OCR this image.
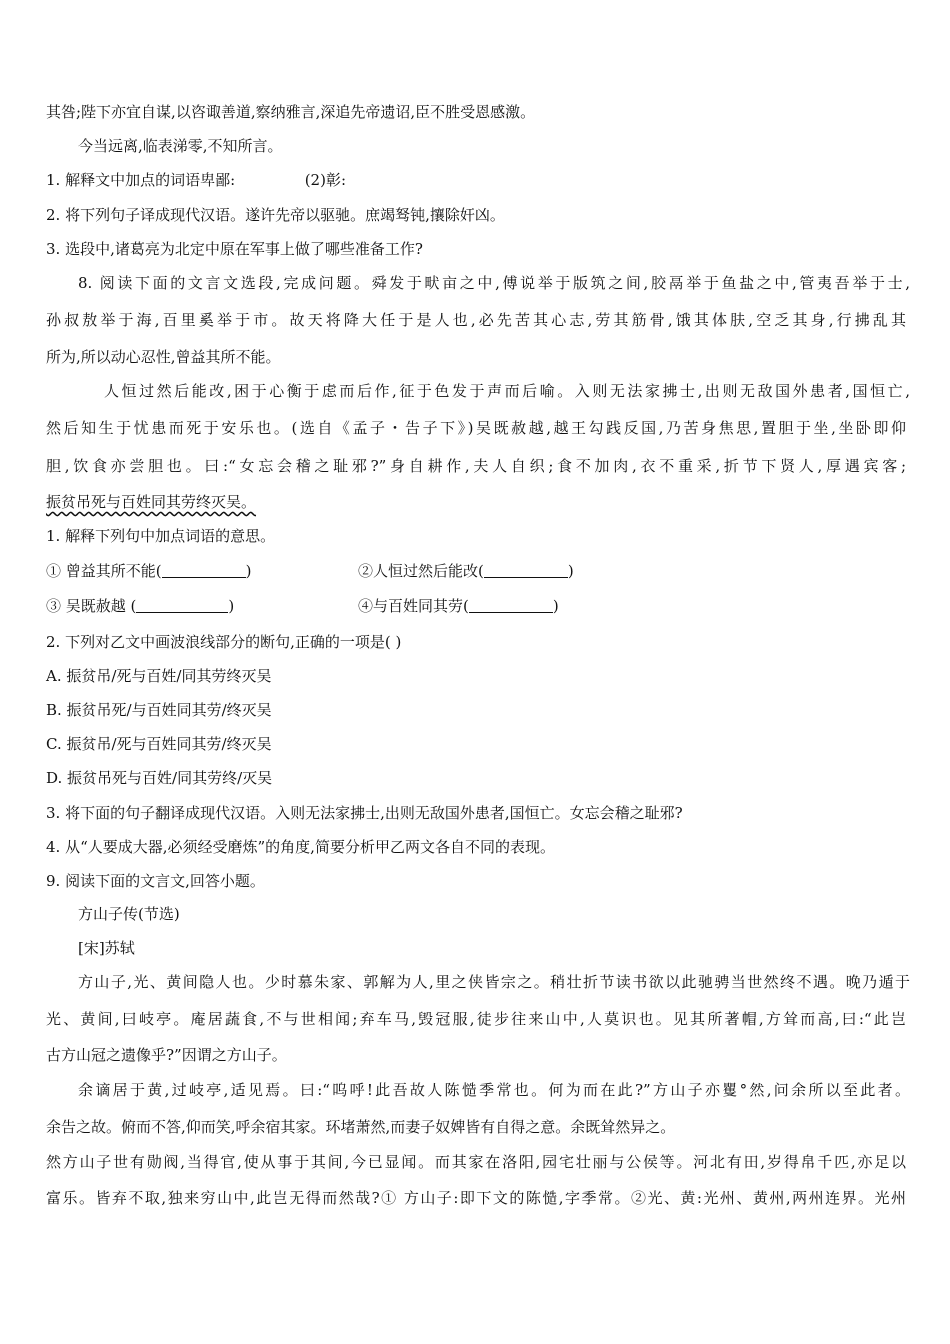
其咎;陛下亦宜自谋,以咨诹善道,察纳雅言,深追先帝遗诏,臣不胜受恩感激。
今当远离,临表涕零,不知所言。
1. 解释文中加点的词语卑鄙:	(2)彰:
2. 将下列句子译成现代汉语。遂许先帝以驱驰。庶竭驽钝,攘除奸凶。
3. 选段中,诸葛亮为北定中原在军事上做了哪些准备工作?
8. 阅读下面的文言文选段,完成问题。舜发于畎亩之中,傅说举于版筑之间,胶鬲举于鱼盐之中,管夷吾举于士,
孙叔敖举于海,百里奚举于市。故天将降大任于是人也,必先苦其心志,劳其筋骨,饿其体肤,空乏其身,行拂乱其
所为,所以动心忍性,曾益其所不能。
人恒过然后能改,困于心衡于虑而后作,征于色发于声而后喻。入则无法家拂士,出则无敌国外患者,国恒亡,
然后知生于忧患而死于安乐也。(选自《孟子・告子下》)吴既赦越,越王勾践反国,乃苦身焦思,置胆于坐,坐卧即仰
胆,饮食亦尝胆也。曰:“女忘会稽之耻邪?”身自耕作,夫人自织;食不加肉,衣不重采,折节下贤人,厚遇宾客;
振贫吊死与百姓同其劳终灭吴。
1. 解释下列句中加点词语的意思。
① 曾益其所不能(	)	②人恒过然后能改(	)
③ 吴既赦越 (	)	④与百姓同其劳(	)
2. 下列对乙文中画波浪线部分的断句,正确的一项是( )
A. 振贫吊/死与百姓/同其劳终灭吴
B. 振贫吊死/与百姓同其劳/终灭吴
C. 振贫吊/死与百姓同其劳/终灭吴
D. 振贫吊死与百姓/同其劳终/灭吴
3. 将下面的句子翻译成现代汉语。入则无法家拂士,出则无敌国外患者,国恒亡。女忘会稽之耻邪?
4. 从“人要成大器,必须经受磨炼”的角度,简要分析甲乙两文各自不同的表现。
9. 阅读下面的文言文,回答小题。
方山子传(节选)
[宋]苏轼
方山子,光、黄间隐人也。少时慕朱家、郭解为人,里之侠皆宗之。稍壮折节读书欲以此驰骋当世然终不遇。晚乃遁于
光、黄间,曰岐亭。庵居蔬食,不与世相闻;弃车马,毁冠服,徒步往来山中,人莫识也。见其所著帽,方耸而高,曰:“此岂
古方山冠之遗像乎?”因谓之方山子。
余谪居于黄,过岐亭,适见焉。曰:“呜呼!此吾故人陈慥季常也。何为而在此?”方山子亦矍°然,问余所以至此者。
余告之故。俯而不答,仰而笑,呼余宿其家。环堵萧然,而妻子奴婢皆有自得之意。余既耸然异之。
然方山子世有勋阀,当得官,使从事于其间,今已显闻。而其家在洛阳,园宅壮丽与公侯等。河北有田,岁得帛千匹,亦足以
富乐。皆弃不取,独来穷山中,此岂无得而然哉?① 方山子:即下文的陈慥,字季常。②光、黄:光州、黄州,两州连界。光州
